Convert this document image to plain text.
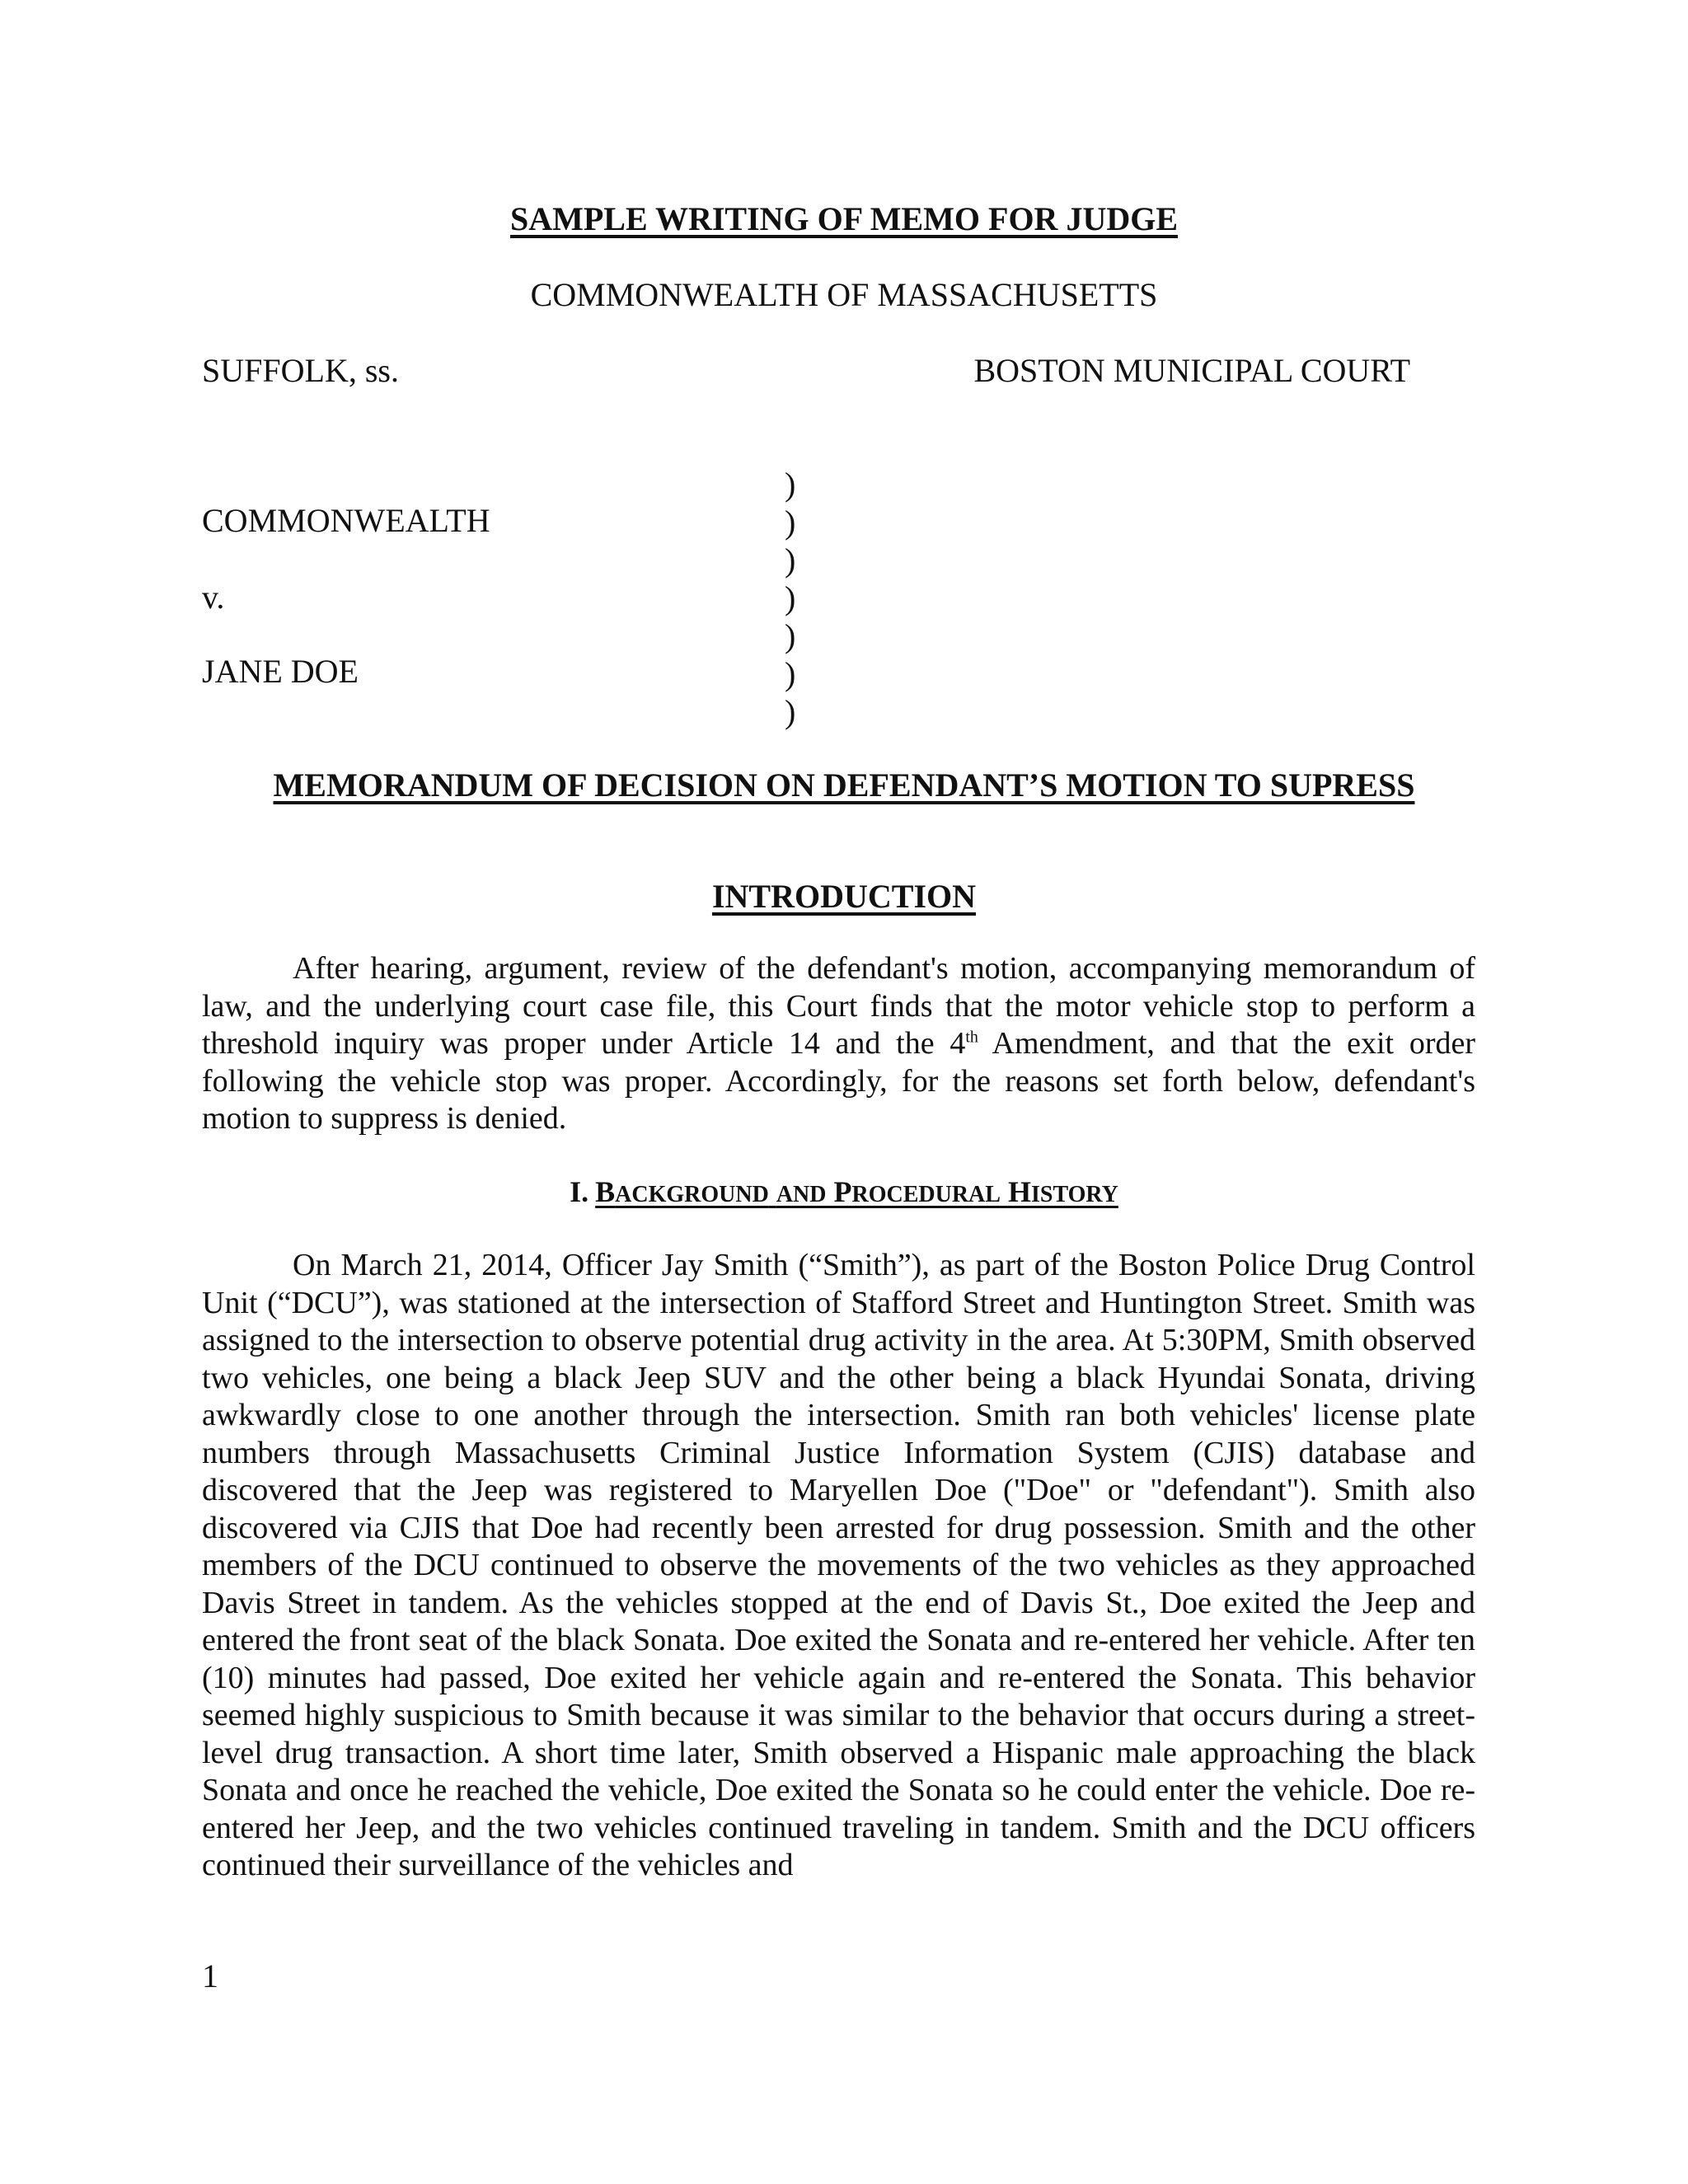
SAMPLE WRITING OF MEMO FOR JUDGE
COMMONWEALTH OF MASSACHUSETTS
SUFFOLK, ss.	BOSTON MUNICIPAL COURT
COMMONWEALTH
v.
JANE DOE
)
)
)
)
)
)
)
MEMORANDUM OF DECISION ON DEFENDANT’S MOTION TO SUPRESS
INTRODUCTION
After hearing, argument, review of the defendant's motion, accompanying memorandum of law, and the underlying court case file, this Court finds that the motor vehicle stop to perform a threshold inquiry was proper under Article 14 and the 4th Amendment, and that the exit order following the vehicle stop was proper. Accordingly, for the reasons set forth below, defendant's motion to suppress is denied.
I. BACKGROUND AND PROCEDURAL HISTORY
On March 21, 2014, Officer Jay Smith (“Smith”), as part of the Boston Police Drug Control Unit (“DCU”), was stationed at the intersection of Stafford Street and Huntington Street. Smith was assigned to the intersection to observe potential drug activity in the area. At 5:30PM, Smith observed two vehicles, one being a black Jeep SUV and the other being a black Hyundai Sonata, driving awkwardly close to one another through the intersection. Smith ran both vehicles' license plate numbers through Massachusetts Criminal Justice Information System (CJIS) database and discovered that the Jeep was registered to Maryellen Doe ("Doe" or "defendant"). Smith also discovered via CJIS that Doe had recently been arrested for drug possession. Smith and the other members of the DCU continued to observe the movements of the two vehicles as they approached Davis Street in tandem. As the vehicles stopped at the end of Davis St., Doe exited the Jeep and entered the front seat of the black Sonata. Doe exited the Sonata and re-entered her vehicle. After ten (10) minutes had passed, Doe exited her vehicle again and re-entered the Sonata. This behavior seemed highly suspicious to Smith because it was similar to the behavior that occurs during a street-level drug transaction. A short time later, Smith observed a Hispanic male approaching the black Sonata and once he reached the vehicle, Doe exited the Sonata so he could enter the vehicle. Doe re-entered her Jeep, and the two vehicles continued traveling in tandem. Smith and the DCU officers continued their surveillance of the vehicles and
1
